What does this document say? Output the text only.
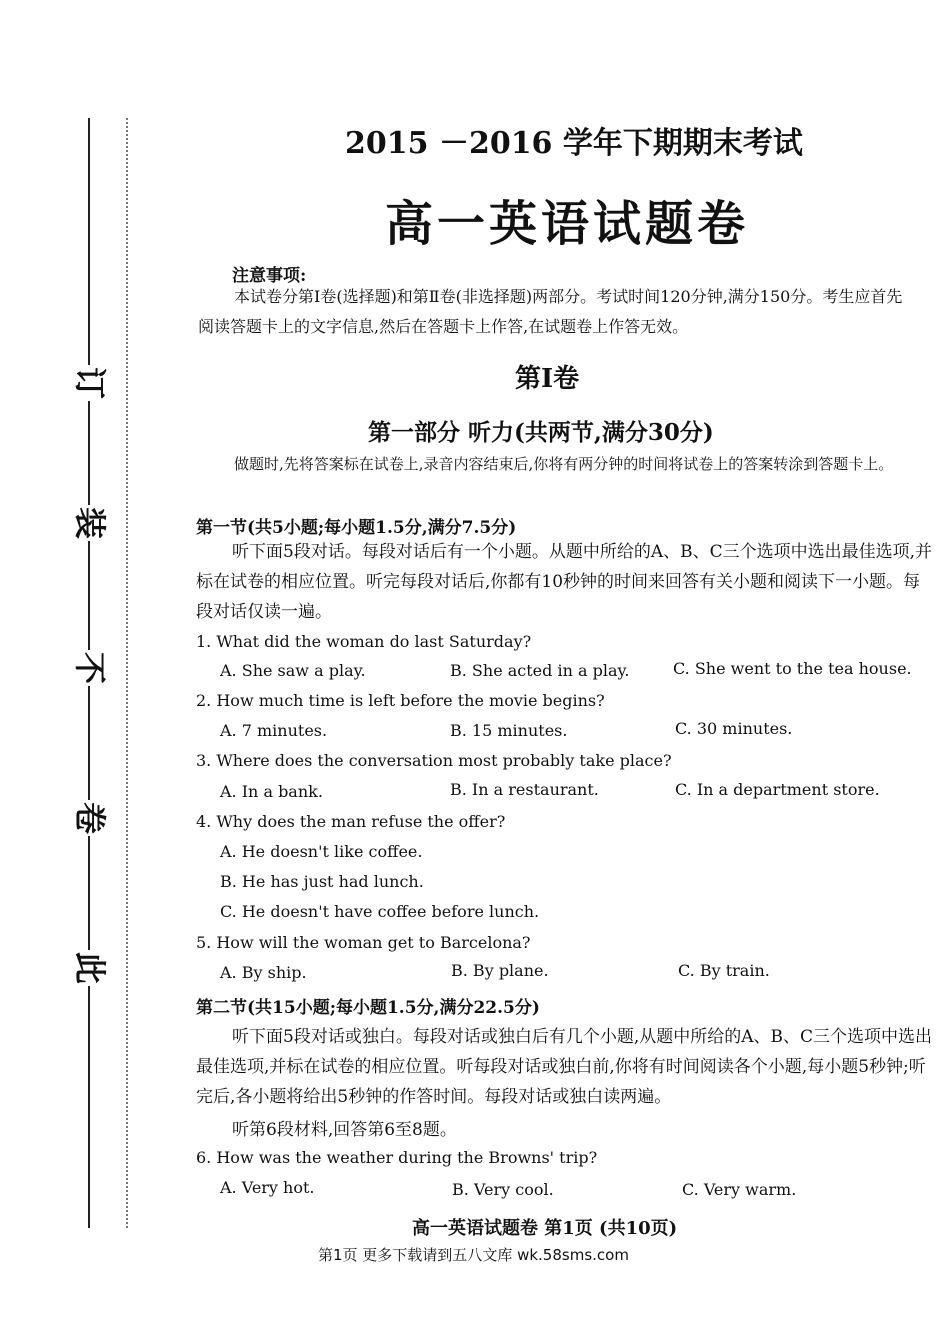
订
装
不
卷
此
2015 －2016 学年下期期末考试
高一英语试题卷
注意事项:
本试卷分第Ⅰ卷(选择题)和第Ⅱ卷(非选择题)两部分。考试时间120分钟,满分150分。考生应首先阅读答题卡上的文字信息,然后在答题卡上作答,在试题卷上作答无效。
第Ⅰ卷
第一部分 听力(共两节,满分30分)
做题时,先将答案标在试卷上,录音内容结束后,你将有两分钟的时间将试卷上的答案转涂到答题卡上。
第一节(共5小题;每小题1.5分,满分7.5分)
听下面5段对话。每段对话后有一个小题。从题中所给的A、B、C三个选项中选出最佳选项,并标在试卷的相应位置。听完每段对话后,你都有10秒钟的时间来回答有关小题和阅读下一小题。每段对话仅读一遍。
1. What did the woman do last Saturday?
A. She saw a play.	B. She acted in a play.	C. She went to the tea house.
2. How much time is left before the movie begins?
A. 7 minutes.	B. 15 minutes.	C. 30 minutes.
3. Where does the conversation most probably take place?
A. In a bank.	B. In a restaurant.	C. In a department store.
4. Why does the man refuse the offer?
A. He doesn't like coffee.
B. He has just had lunch.
C. He doesn't have coffee before lunch.
5. How will the woman get to Barcelona?
A. By ship.	B. By plane.	C. By train.
第二节(共15小题;每小题1.5分,满分22.5分)
听下面5段对话或独白。每段对话或独白后有几个小题,从题中所给的A、B、C三个选项中选出最佳选项,并标在试卷的相应位置。听每段对话或独白前,你将有时间阅读各个小题,每小题5秒钟;听完后,各小题将给出5秒钟的作答时间。每段对话或独白读两遍。
听第6段材料,回答第6至8题。
6. How was the weather during the Browns' trip?
A. Very hot.	B. Very cool.	C. Very warm.
高一英语试题卷 第1页 (共10页)
第1页 更多下载请到五八文库 wk.58sms.com
